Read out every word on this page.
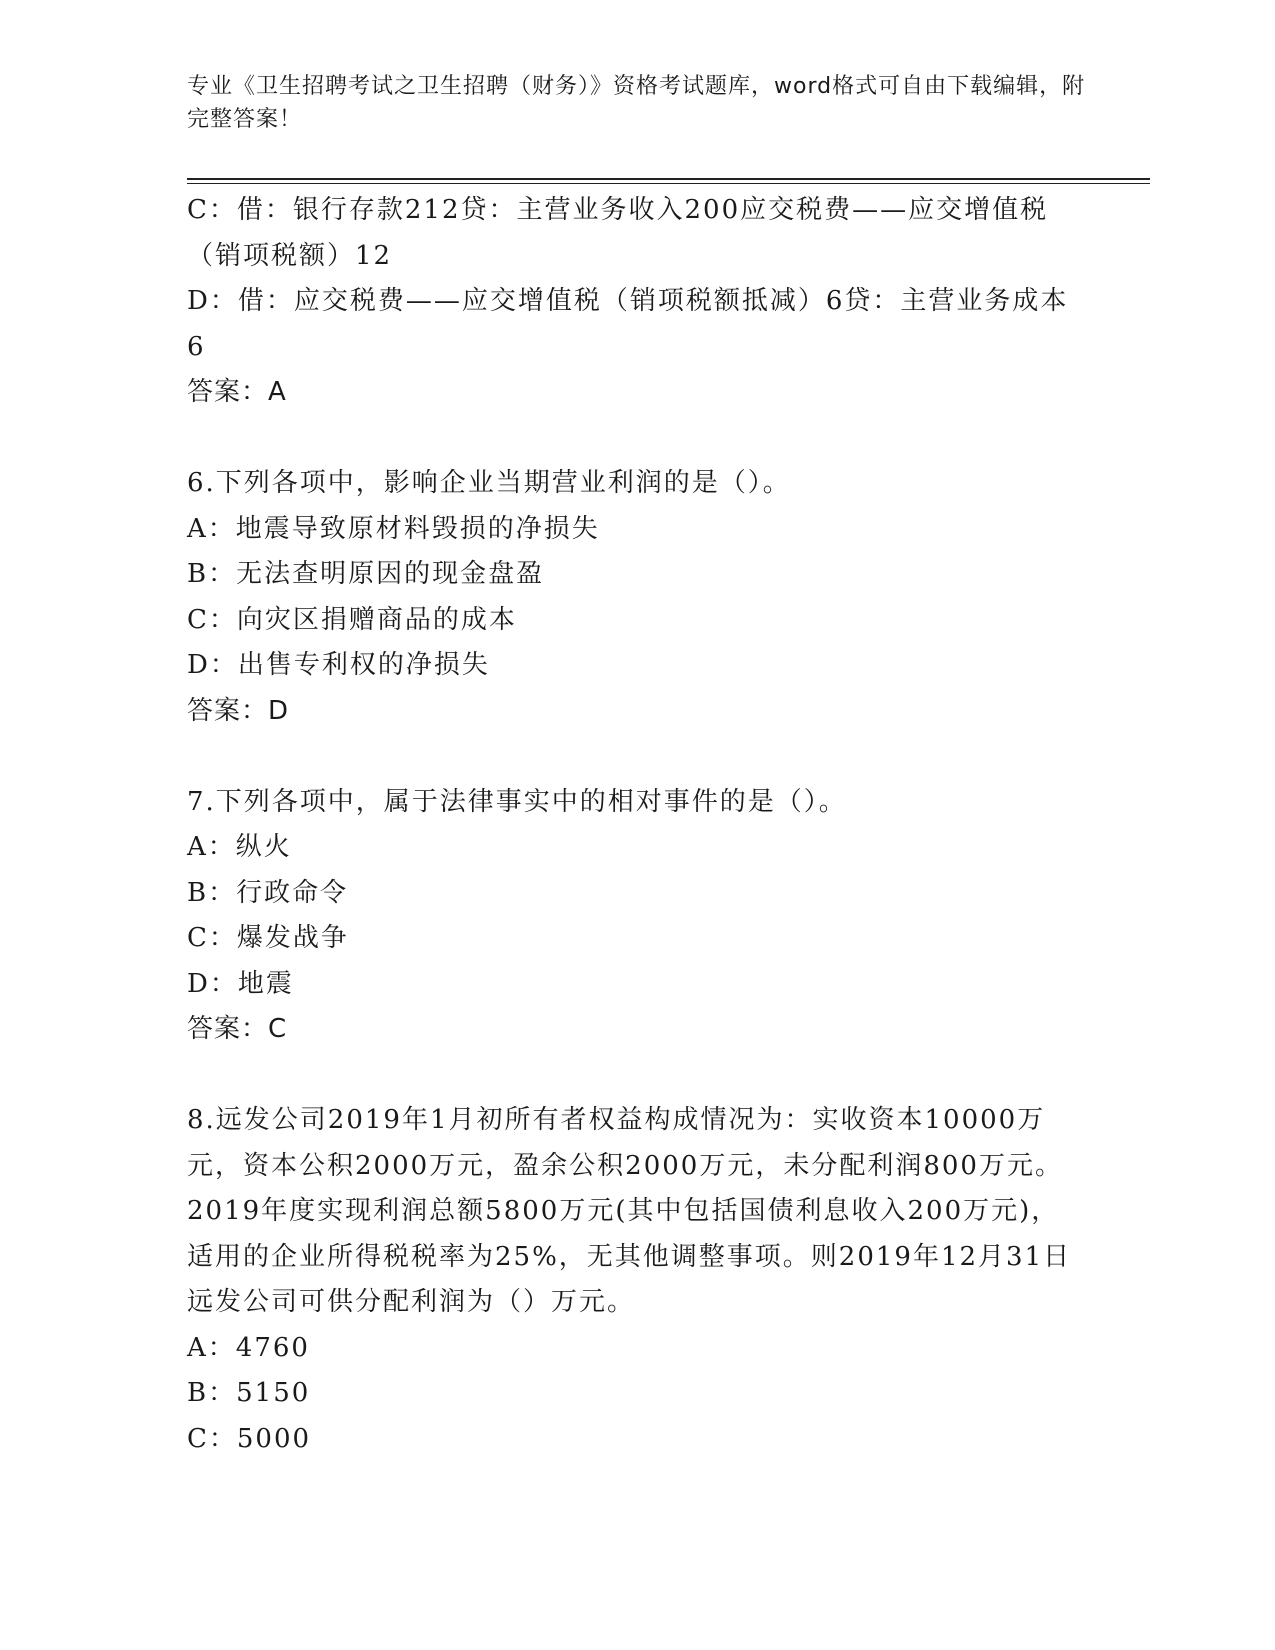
专业《卫生招聘考试之卫生招聘（财务）》资格考试题库，word格式可自由下载编辑，附完整答案！
C：借：银行存款212贷：主营业务收入200应交税费——应交增值税（销项税额）12
D：借：应交税费——应交增值税（销项税额抵减）6贷：主营业务成本6
答案：A
6.下列各项中，影响企业当期营业利润的是（）。
A：地震导致原材料毁损的净损失
B：无法查明原因的现金盘盈
C：向灾区捐赠商品的成本
D：出售专利权的净损失
答案：D
7.下列各项中，属于法律事实中的相对事件的是（）。
A：纵火
B：行政命令
C：爆发战争
D：地震
答案：C
8.远发公司2019年1月初所有者权益构成情况为：实收资本10000万元，资本公积2000万元，盈余公积2000万元，未分配利润800万元。2019年度实现利润总额5800万元(其中包括国债利息收入200万元)，适用的企业所得税税率为25%，无其他调整事项。则2019年12月31日远发公司可供分配利润为（）万元。
A：4760
B：5150
C：5000
